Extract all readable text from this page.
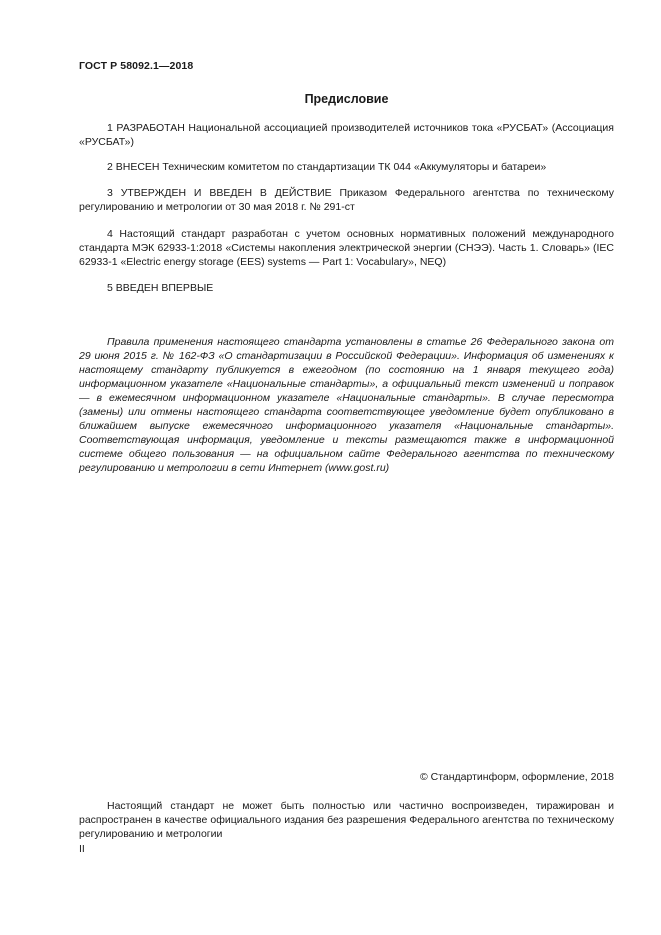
ГОСТ Р 58092.1—2018
Предисловие

1 РАЗРАБОТАН Национальной ассоциацией производителей источников тока «РУСБАТ» (Ассоциация «РУСБАТ»)

2 ВНЕСЕН Техническим комитетом по стандартизации ТК 044 «Аккумуляторы и батареи»

3 УТВЕРЖДЕН И ВВЕДЕН В ДЕЙСТВИЕ Приказом Федерального агентства по техническому регулированию и метрологии от 30 мая 2018 г. № 291-ст

4 Настоящий стандарт разработан с учетом основных нормативных положений международного стандарта МЭК 62933-1:2018 «Системы накопления электрической энергии (СНЭЭ). Часть 1. Словарь» (IEC 62933-1 «Electric energy storage (EES) systems — Part 1: Vocabulary», NEQ)

5 ВВЕДЕН ВПЕРВЫЕ

Правила применения настоящего стандарта установлены в статье 26 Федерального закона от 29 июня 2015 г. № 162-ФЗ «О стандартизации в Российской Федерации». Информация об изменениях к настоящему стандарту публикуется в ежегодном (по состоянию на 1 января текущего года) информационном указателе «Национальные стандарты», а официальный текст изменений и поправок — в ежемесячном информационном указателе «Национальные стандарты». В случае пересмотра (замены) или отмены настоящего стандарта соответствующее уведомление будет опубликовано в ближайшем выпуске ежемесячного информационного указателя «Национальные стандарты». Соответствующая информация, уведомление и тексты размещаются также в информационной системе общего пользования — на официальном сайте Федерального агентства по техническому регулированию и метрологии в сети Интернет (www.gost.ru)

© Стандартинформ, оформление, 2018

Настоящий стандарт не может быть полностью или частично воспроизведен, тиражирован и распространен в качестве официального издания без разрешения Федерального агентства по техническому регулированию и метрологии

II
